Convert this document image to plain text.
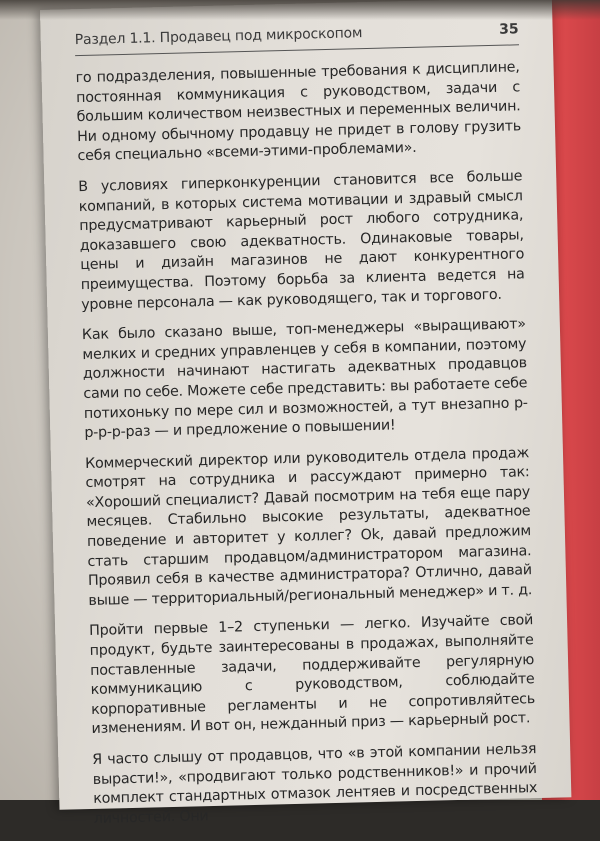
Раздел 1.1. Продавец под микроскопом	35

го подразделения, повышенные требования к дисциплине, постоянная коммуникация с руководством, задачи с большим количеством неизвестных и переменных величин. Ни одному обычному продавцу не придет в голову грузить себя специально «всеми-этими-проблемами».

В условиях гиперконкуренции становится все больше компаний, в которых система мотивации и здравый смысл предусматривают карьерный рост любого сотрудника, доказавшего свою адекватность. Одинаковые товары, цены и дизайн магазинов не дают конкурентного преимущества. Поэтому борьба за клиента ведется на уровне персонала — как руководящего, так и торгового.

Как было сказано выше, топ-менеджеры «выращивают» мелких и средних управленцев у себя в компании, поэтому должности начинают настигать адекватных продавцов сами по себе. Можете себе представить: вы работаете себе потихоньку по мере сил и возможностей, а тут внезапно р-р-р-р-раз — и предложение о повышении!

Коммерческий директор или руководитель отдела продаж смотрят на сотрудника и рассуждают примерно так: «Хороший специалист? Давай посмотрим на тебя еще пару месяцев. Стабильно высокие результаты, адекватное поведение и авторитет у коллег? Ok, давай предложим стать старшим продавцом/администратором магазина. Проявил себя в качестве администратора? Отлично, давай выше — территориальный/региональный менеджер» и т. д.

Пройти первые 1–2 ступеньки — легко. Изучайте свой продукт, будьте заинтересованы в продажах, выполняйте поставленные задачи, поддерживайте регулярную коммуникацию с руководством, соблюдайте корпоративные регламенты и не сопротивляйтесь изменениям. И вот он, нежданный приз — карьерный рост.

Я часто слышу от продавцов, что «в этой компании нельзя вырасти!», «продвигают только родственников!» и прочий комплект стандартных отмазок лентяев и посредственных личностей. Они
